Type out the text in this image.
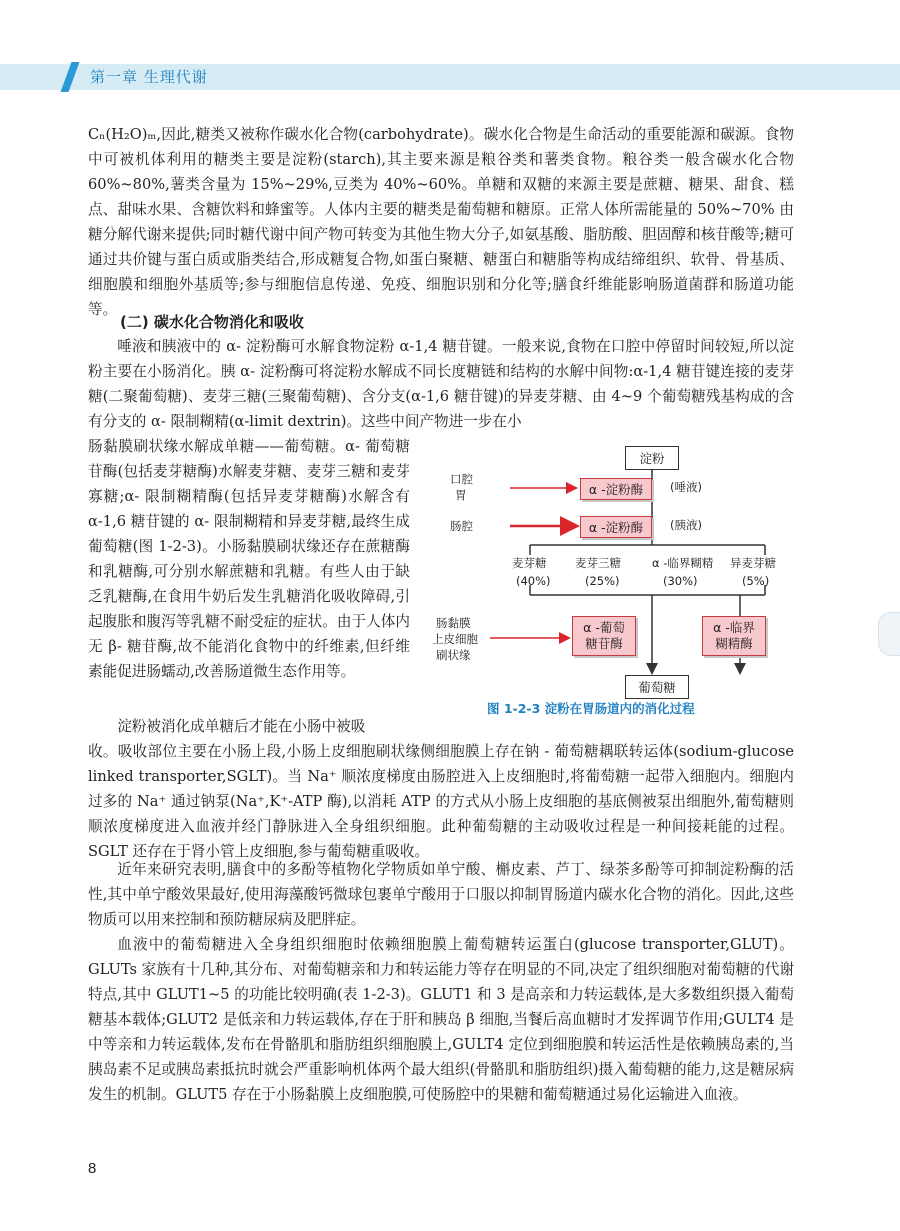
第一章 生理代谢

Cₙ(H₂O)ₘ,因此,糖类又被称作碳水化合物(carbohydrate)。碳水化合物是生命活动的重要能源和碳源。食物中可被机体利用的糖类主要是淀粉(starch),其主要来源是粮谷类和薯类食物。粮谷类一般含碳水化合物 60%~80%,薯类含量为 15%~29%,豆类为 40%~60%。单糖和双糖的来源主要是蔗糖、糖果、甜食、糕点、甜味水果、含糖饮料和蜂蜜等。人体内主要的糖类是葡萄糖和糖原。正常人体所需能量的 50%~70% 由糖分解代谢来提供;同时糖代谢中间产物可转变为其他生物大分子,如氨基酸、脂肪酸、胆固醇和核苷酸等;糖可通过共价键与蛋白质或脂类结合,形成糖复合物,如蛋白聚糖、糖蛋白和糖脂等构成结缔组织、软骨、骨基质、细胞膜和细胞外基质等;参与细胞信息传递、免疫、细胞识别和分化等;膳食纤维能影响肠道菌群和肠道功能等。

(二) 碳水化合物消化和吸收

唾液和胰液中的 α- 淀粉酶可水解食物淀粉 α-1,4 糖苷键。一般来说,食物在口腔中停留时间较短,所以淀粉主要在小肠消化。胰 α- 淀粉酶可将淀粉水解成不同长度糖链和结构的水解中间物:α-1,4 糖苷键连接的麦芽糖(二聚葡萄糖)、麦芽三糖(三聚葡萄糖)、含分支(α-1,6 糖苷键)的异麦芽糖、由 4~9 个葡萄糖残基构成的含有分支的 α- 限制糊精(α-limit dextrin)。这些中间产物进一步在小

肠黏膜刷状缘水解成单糖——葡萄糖。α- 葡萄糖苷酶(包括麦芽糖酶)水解麦芽糖、麦芽三糖和麦芽寡糖;α- 限制糊精酶(包括异麦芽糖酶)水解含有 α-1,6 糖苷键的 α- 限制糊精和异麦芽糖,最终生成葡萄糖(图 1-2-3)。小肠黏膜刷状缘还存在蔗糖酶和乳糖酶,可分别水解蔗糖和乳糖。有些人由于缺乏乳糖酶,在食用牛奶后发生乳糖消化吸收障碍,引起腹胀和腹泻等乳糖不耐受症的症状。由于人体内无 β- 糖苷酶,故不能消化食物中的纤维素,但纤维素能促进肠蠕动,改善肠道微生态作用等。

淀粉被消化成单糖后才能在小肠中被吸

收。吸收部位主要在小肠上段,小肠上皮细胞刷状缘侧细胞膜上存在钠 - 葡萄糖耦联转运体(sodium-glucose linked transporter,SGLT)。当 Na⁺ 顺浓度梯度由肠腔进入上皮细胞时,将葡萄糖一起带入细胞内。细胞内过多的 Na⁺ 通过钠泵(Na⁺,K⁺-ATP 酶),以消耗 ATP 的方式从小肠上皮细胞的基底侧被泵出细胞外,葡萄糖则顺浓度梯度进入血液并经门静脉进入全身组织细胞。此种葡萄糖的主动吸收过程是一种间接耗能的过程。SGLT 还存在于肾小管上皮细胞,参与葡萄糖重吸收。

近年来研究表明,膳食中的多酚等植物化学物质如单宁酸、槲皮素、芦丁、绿茶多酚等可抑制淀粉酶的活性,其中单宁酸效果最好,使用海藻酸钙微球包裹单宁酸用于口服以抑制胃肠道内碳水化合物的消化。因此,这些物质可以用来控制和预防糖尿病及肥胖症。

血液中的葡萄糖进入全身组织细胞时依赖细胞膜上葡萄糖转运蛋白(glucose transporter,GLUT)。GLUTs 家族有十几种,其分布、对葡萄糖亲和力和转运能力等存在明显的不同,决定了组织细胞对葡萄糖的代谢特点,其中 GLUT1~5 的功能比较明确(表 1-2-3)。GLUT1 和 3 是高亲和力转运载体,是大多数组织摄入葡萄糖基本载体;GLUT2 是低亲和力转运载体,存在于肝和胰岛 β 细胞,当餐后高血糖时才发挥调节作用;GULT4 是中等亲和力转运载体,发布在骨骼肌和脂肪组织细胞膜上,GULT4 定位到细胞膜和转运活性是依赖胰岛素的,当胰岛素不足或胰岛素抵抗时就会严重影响机体两个最大组织(骨骼肌和脂肪组织)摄入葡萄糖的能力,这是糖尿病发生的机制。GLUT5 存在于小肠黏膜上皮细胞膜,可使肠腔中的果糖和葡萄糖通过易化运输进入血液。

8
淀粉
口腔
胃
肠腔
α -淀粉酶
α -淀粉酶
(唾液)
(胰液)
麦芽糖
(40%)
麦芽三糖
(25%)
α -临界糊精
(30%)
异麦芽糖
(5%)
肠黏膜
上皮细胞
刷状缘
α -葡萄
糖苷酶
α -临界
糊精酶
葡萄糖
图 1-2-3 淀粉在胃肠道内的消化过程
